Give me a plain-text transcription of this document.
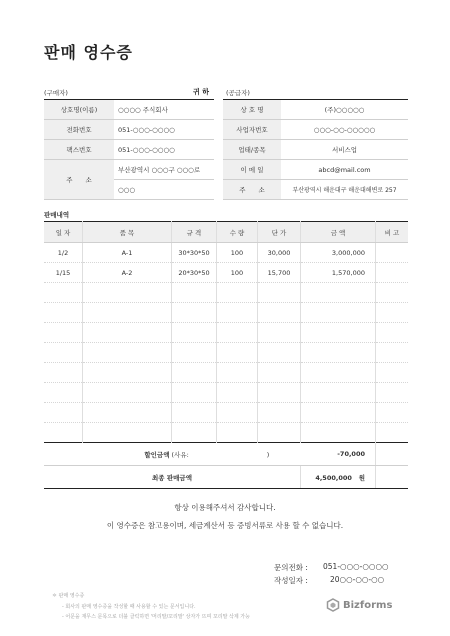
판매 영수증
(구매자)	귀 하	(공급자)
상호명(이름)	○○○○ 주식회사
전화번호	051-○○○-○○○○
팩스번호	051-○○○-○○○○
주　　소	부산광역시 ○○○구 ○○○로
	○○○
상 호 명	(주)○○○○○
사업자번호	○○○-○○-○○○○○
업태/종목	서비스업
이 메 일	abcd@mail.com
주　　소	부산광역시 해운대구 해운대해변로 257
판매내역
일 자	품 목	규 격	수 량	단 가	금 액	비 고
1/2	A-1	30*30*50	100	30,000	3,000,000	
1/15	A-2	20*30*50	100	15,700	1,570,000	

할인금액		(사유: )			-70,000	
최종 판매금액					4,500,000 원	
항상 이용해주셔서 감사합니다.
이 영수증은 참고용이며, 세금계산서 등 증빙서류로 사용 할 수 없습니다.
문의전화 : 051-○○○-○○○○
작성일자 :	20○○-○○-○○
＊ 판매 영수증
- 회사의 판매 영수증을 작성할 때 사용할 수 있는 문서입니다.
- 어문을 재무스 문목으로 더블 클릭하면 '머리말/꼬리말' 상자가 뜨며 꼬리말 삭제 가능
Bizforms
